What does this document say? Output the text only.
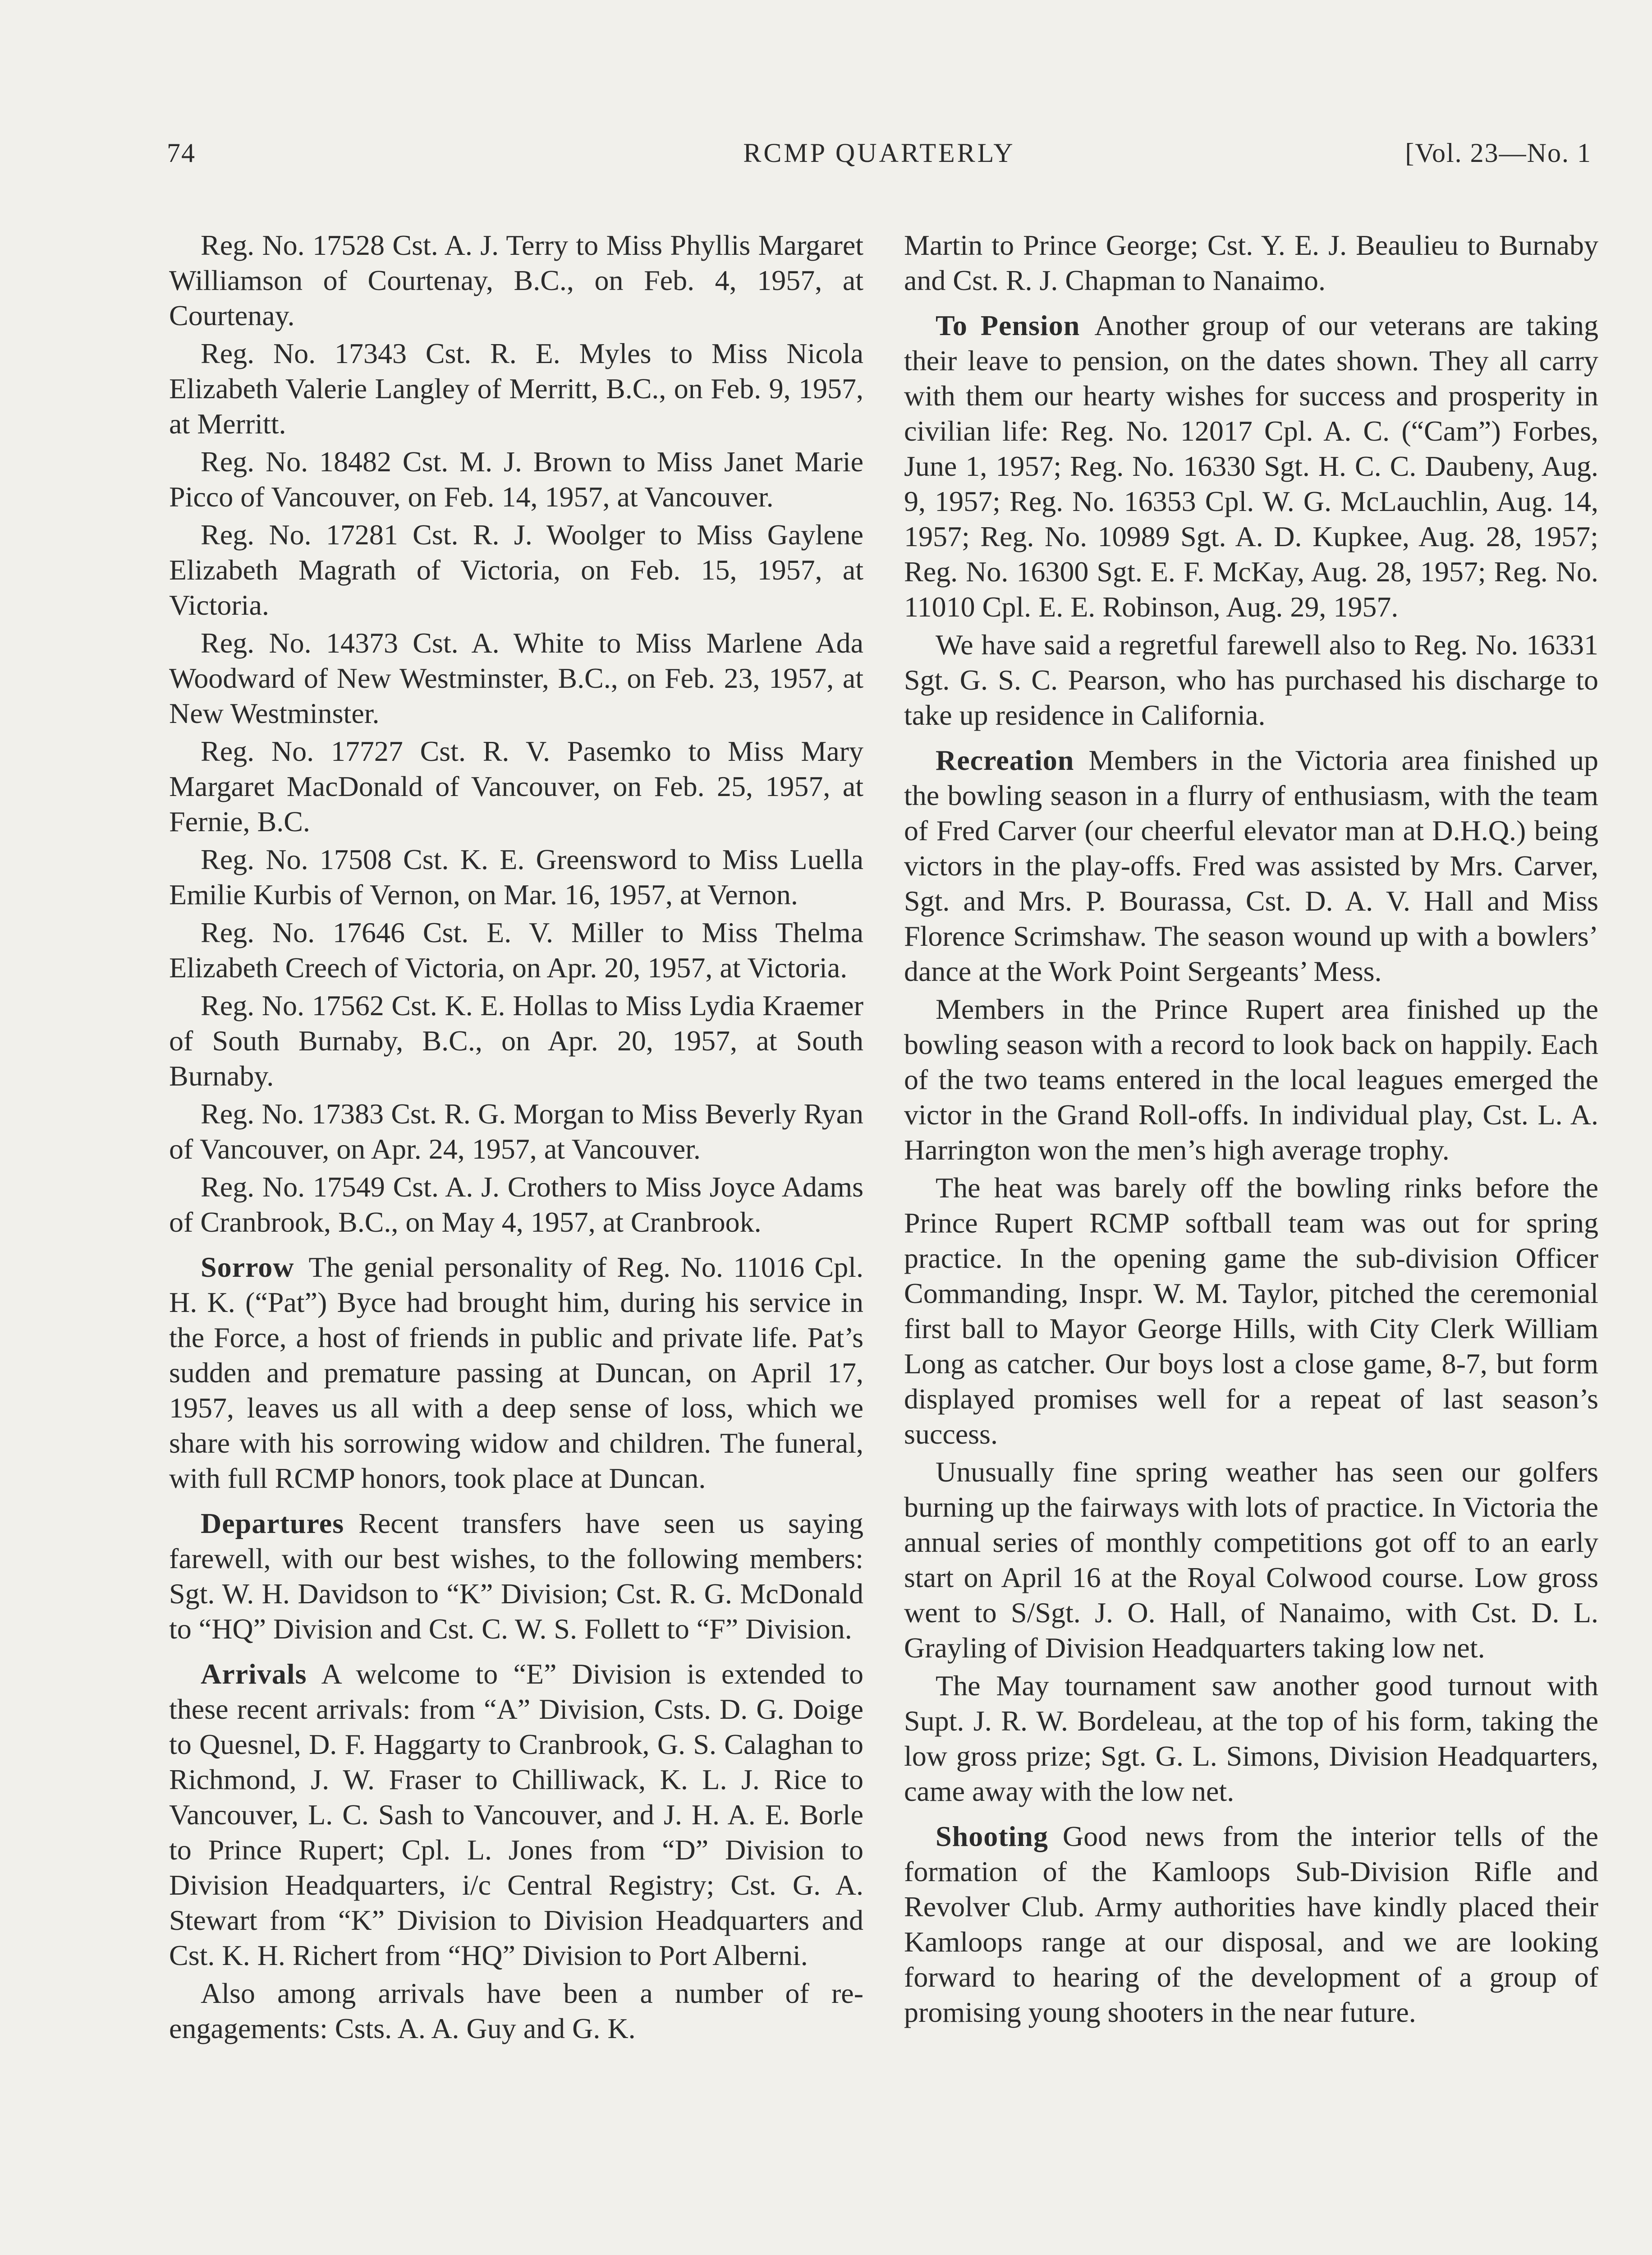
74	RCMP QUARTERLY	[Vol. 23—No. 1

Reg. No. 17528 Cst. A. J. Terry to Miss Phyllis Margaret Williamson of Courtenay, B.C., on Feb. 4, 1957, at Courtenay.

Reg. No. 17343 Cst. R. E. Myles to Miss Nicola Elizabeth Valerie Langley of Merritt, B.C., on Feb. 9, 1957, at Merritt.

Reg. No. 18482 Cst. M. J. Brown to Miss Janet Marie Picco of Vancouver, on Feb. 14, 1957, at Vancouver.

Reg. No. 17281 Cst. R. J. Woolger to Miss Gaylene Elizabeth Magrath of Victoria, on Feb. 15, 1957, at Victoria.

Reg. No. 14373 Cst. A. White to Miss Marlene Ada Woodward of New Westminster, B.C., on Feb. 23, 1957, at New Westminster.

Reg. No. 17727 Cst. R. V. Pasemko to Miss Mary Margaret MacDonald of Vancouver, on Feb. 25, 1957, at Fernie, B.C.

Reg. No. 17508 Cst. K. E. Greensword to Miss Luella Emilie Kurbis of Vernon, on Mar. 16, 1957, at Vernon.

Reg. No. 17646 Cst. E. V. Miller to Miss Thelma Elizabeth Creech of Victoria, on Apr. 20, 1957, at Victoria.

Reg. No. 17562 Cst. K. E. Hollas to Miss Lydia Kraemer of South Burnaby, B.C., on Apr. 20, 1957, at South Burnaby.

Reg. No. 17383 Cst. R. G. Morgan to Miss Beverly Ryan of Vancouver, on Apr. 24, 1957, at Vancouver.

Reg. No. 17549 Cst. A. J. Crothers to Miss Joyce Adams of Cranbrook, B.C., on May 4, 1957, at Cranbrook.

Sorrow  The genial personality of Reg. No. 11016 Cpl. H. K. (“Pat”) Byce had brought him, during his service in the Force, a host of friends in public and private life. Pat’s sudden and premature passing at Duncan, on April 17, 1957, leaves us all with a deep sense of loss, which we share with his sorrowing widow and children. The funeral, with full RCMP honors, took place at Duncan.

Departures  Recent transfers have seen us saying farewell, with our best wishes, to the following members: Sgt. W. H. Davidson to “K” Division; Cst. R. G. McDonald to “HQ” Division and Cst. C. W. S. Follett to “F” Division.

Arrivals  A welcome to “E” Division is extended to these recent arrivals: from “A” Division, Csts. D. G. Doige to Quesnel, D. F. Haggarty to Cranbrook, G. S. Calaghan to Richmond, J. W. Fraser to Chilliwack, K. L. J. Rice to Vancouver, L. C. Sash to Vancouver, and J. H. A. E. Borle to Prince Rupert; Cpl. L. Jones from “D” Division to Division Headquarters, i/c Central Registry; Cst. G. A. Stewart from “K” Division to Division Headquarters and Cst. K. H. Richert from “HQ” Division to Port Alberni.

Also among arrivals have been a number of re-engagements: Csts. A. A. Guy and G. K.

Martin to Prince George; Cst. Y. E. J. Beaulieu to Burnaby and Cst. R. J. Chapman to Nanaimo.

To Pension  Another group of our veterans are taking their leave to pension, on the dates shown. They all carry with them our hearty wishes for success and prosperity in civilian life: Reg. No. 12017 Cpl. A. C. (“Cam”) Forbes, June 1, 1957; Reg. No. 16330 Sgt. H. C. C. Daubeny, Aug. 9, 1957; Reg. No. 16353 Cpl. W. G. McLauchlin, Aug. 14, 1957; Reg. No. 10989 Sgt. A. D. Kupkee, Aug. 28, 1957; Reg. No. 16300 Sgt. E. F. McKay, Aug. 28, 1957; Reg. No. 11010 Cpl. E. E. Robinson, Aug. 29, 1957.

We have said a regretful farewell also to Reg. No. 16331 Sgt. G. S. C. Pearson, who has purchased his discharge to take up residence in California.

Recreation  Members in the Victoria area finished up the bowling season in a flurry of enthusiasm, with the team of Fred Carver (our cheerful elevator man at D.H.Q.) being victors in the play-offs. Fred was assisted by Mrs. Carver, Sgt. and Mrs. P. Bourassa, Cst. D. A. V. Hall and Miss Florence Scrimshaw. The season wound up with a bowlers’ dance at the Work Point Sergeants’ Mess.

Members in the Prince Rupert area finished up the bowling season with a record to look back on happily. Each of the two teams entered in the local leagues emerged the victor in the Grand Roll-offs. In individual play, Cst. L. A. Harrington won the men’s high average trophy.

The heat was barely off the bowling rinks before the Prince Rupert RCMP softball team was out for spring practice. In the opening game the sub-division Officer Commanding, Inspr. W. M. Taylor, pitched the ceremonial first ball to Mayor George Hills, with City Clerk William Long as catcher. Our boys lost a close game, 8-7, but form displayed promises well for a repeat of last season’s success.

Unusually fine spring weather has seen our golfers burning up the fairways with lots of practice. In Victoria the annual series of monthly competitions got off to an early start on April 16 at the Royal Colwood course. Low gross went to S/Sgt. J. O. Hall, of Nanaimo, with Cst. D. L. Grayling of Division Headquarters taking low net.

The May tournament saw another good turnout with Supt. J. R. W. Bordeleau, at the top of his form, taking the low gross prize; Sgt. G. L. Simons, Division Headquarters, came away with the low net.

Shooting  Good news from the interior tells of the formation of the Kamloops Sub-Division Rifle and Revolver Club. Army authorities have kindly placed their Kamloops range at our disposal, and we are looking forward to hearing of the development of a group of promising young shooters in the near future.
